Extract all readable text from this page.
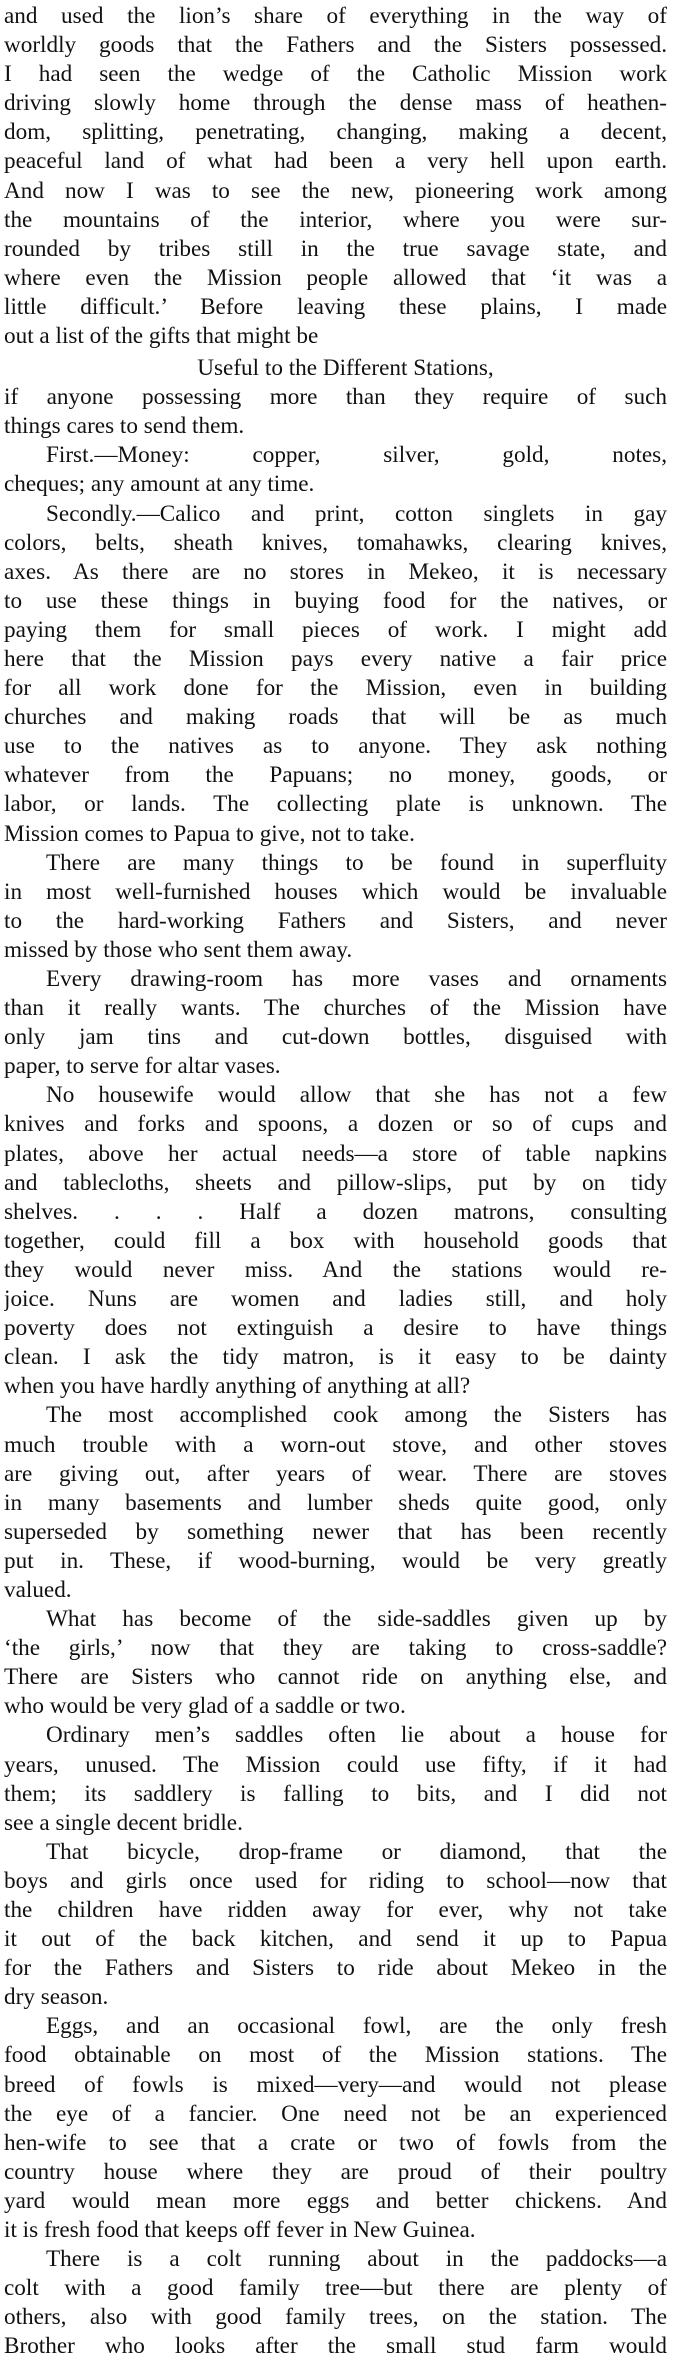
and used the lion’s share of everything in the way of
worldly goods that the Fathers and the Sisters possessed.
I had seen the wedge of the Catholic Mission work
driving slowly home through the dense mass of heathen-
dom, splitting, penetrating, changing, making a decent,
peaceful land of what had been a very hell upon earth.
And now I was to see the new, pioneering work among
the mountains of the interior, where you were sur-
rounded by tribes still in the true savage state, and
where even the Mission people allowed that ‘it was a
little difficult.’ Before leaving these plains, I made
out a list of the gifts that might be
Useful to the Different Stations,
if anyone possessing more than they require of such
things cares to send them.
First.—Money: copper, silver, gold, notes,
cheques; any amount at any time.
Secondly.—Calico and print, cotton singlets in gay
colors, belts, sheath knives, tomahawks, clearing knives,
axes. As there are no stores in Mekeo, it is necessary
to use these things in buying food for the natives, or
paying them for small pieces of work. I might add
here that the Mission pays every native a fair price
for all work done for the Mission, even in building
churches and making roads that will be as much
use to the natives as to anyone. They ask nothing
whatever from the Papuans; no money, goods, or
labor, or lands. The collecting plate is unknown. The
Mission comes to Papua to give, not to take.
There are many things to be found in superfluity
in most well-furnished houses which would be invaluable
to the hard-working Fathers and Sisters, and never
missed by those who sent them away.
Every drawing-room has more vases and ornaments
than it really wants. The churches of the Mission have
only jam tins and cut-down bottles, disguised with
paper, to serve for altar vases.
No housewife would allow that she has not a few
knives and forks and spoons, a dozen or so of cups and
plates, above her actual needs—a store of table napkins
and tablecloths, sheets and pillow-slips, put by on tidy
shelves. . . . Half a dozen matrons, consulting
together, could fill a box with household goods that
they would never miss. And the stations would re-
joice. Nuns are women and ladies still, and holy
poverty does not extinguish a desire to have things
clean. I ask the tidy matron, is it easy to be dainty
when you have hardly anything of anything at all?
The most accomplished cook among the Sisters has
much trouble with a worn-out stove, and other stoves
are giving out, after years of wear. There are stoves
in many basements and lumber sheds quite good, only
superseded by something newer that has been recently
put in. These, if wood-burning, would be very greatly
valued.
What has become of the side-saddles given up by
‘the girls,’ now that they are taking to cross-saddle?
There are Sisters who cannot ride on anything else, and
who would be very glad of a saddle or two.
Ordinary men’s saddles often lie about a house for
years, unused. The Mission could use fifty, if it had
them; its saddlery is falling to bits, and I did not
see a single decent bridle.
That bicycle, drop-frame or diamond, that the
boys and girls once used for riding to school—now that
the children have ridden away for ever, why not take
it out of the back kitchen, and send it up to Papua
for the Fathers and Sisters to ride about Mekeo in the
dry season.
Eggs, and an occasional fowl, are the only fresh
food obtainable on most of the Mission stations. The
breed of fowls is mixed—very—and would not please
the eye of a fancier. One need not be an experienced
hen-wife to see that a crate or two of fowls from the
country house where they are proud of their poultry
yard would mean more eggs and better chickens. And
it is fresh food that keeps off fever in New Guinea.
There is a colt running about in the paddocks—a
colt with a good family tree—but there are plenty of
others, also with good family trees, on the station. The
Brother who looks after the small stud farm would
